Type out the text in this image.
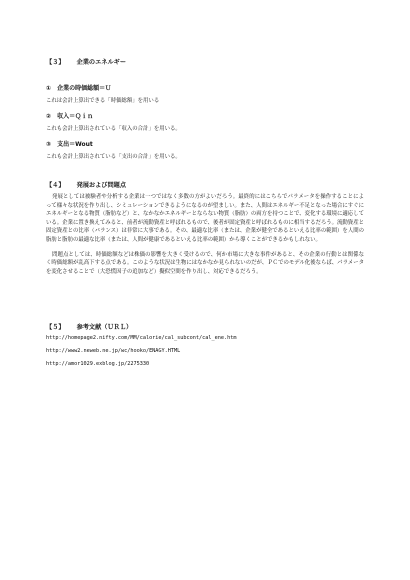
【３】 企業のエネルギー
①　企業の時価総額＝Ｕ
これは会計上算出できる「時価総額」を用いる
②　収入＝Ｑｉｎ
これも会計上算出されている「収入の合計」を用いる。
③　支出＝Wout
これも会計上算出されている「支出の合計」を用いる。
【４】 発展および問題点

発展としては被験者や分析する企業は一つではなく多数の方がよいだろう。最終的にはこちらでパラメータを操作することによって様々な状況を作り出し、シミュレーションできるようになるのが望ましい。また、人間はエネルギー不足となった場合にすぐにエネルギーとなる物質（脂肪など）と、なかなかエネルギーとならない物質（脂肪）の両方を持つことで、変化する環境に適応している。企業に置き換えてみると、前者が流動資産と呼ばれるもので、後者が固定資産と呼ばれるものに相当するだろう。流動資産と固定資産との比率（バランス）は非常に大事である。その、最適な比率（または、企業が健全であるといえる比率の範囲）を人間の脂肪と脂肪の最適な比率（または、人間が健康であるといえる比率の範囲）から導くことができるかもしれない。

問題点としては、時価総額などは株価の影響を大きく受けるので、何か市場に大きな事件があると、その企業の行動とは関係なく時価総額が乱高下する点である。このような状況は生物にはなかなか見られないのだが、ＰＣでのモデル化後ならば、パラメータを変化させることで（大恐慌因子の追加など）擬似空間を作り出し、対応できるだろう。

【５】 参考文献（ＵＲＬ）
http://homepage2.nifty.com/MM/calorie/cal_subcont/cal_ene.htm
http://www2.neweb.ne.jp/wc/hooko/ENAGY.HTML
http://amor1029.exblog.jp/2275330
